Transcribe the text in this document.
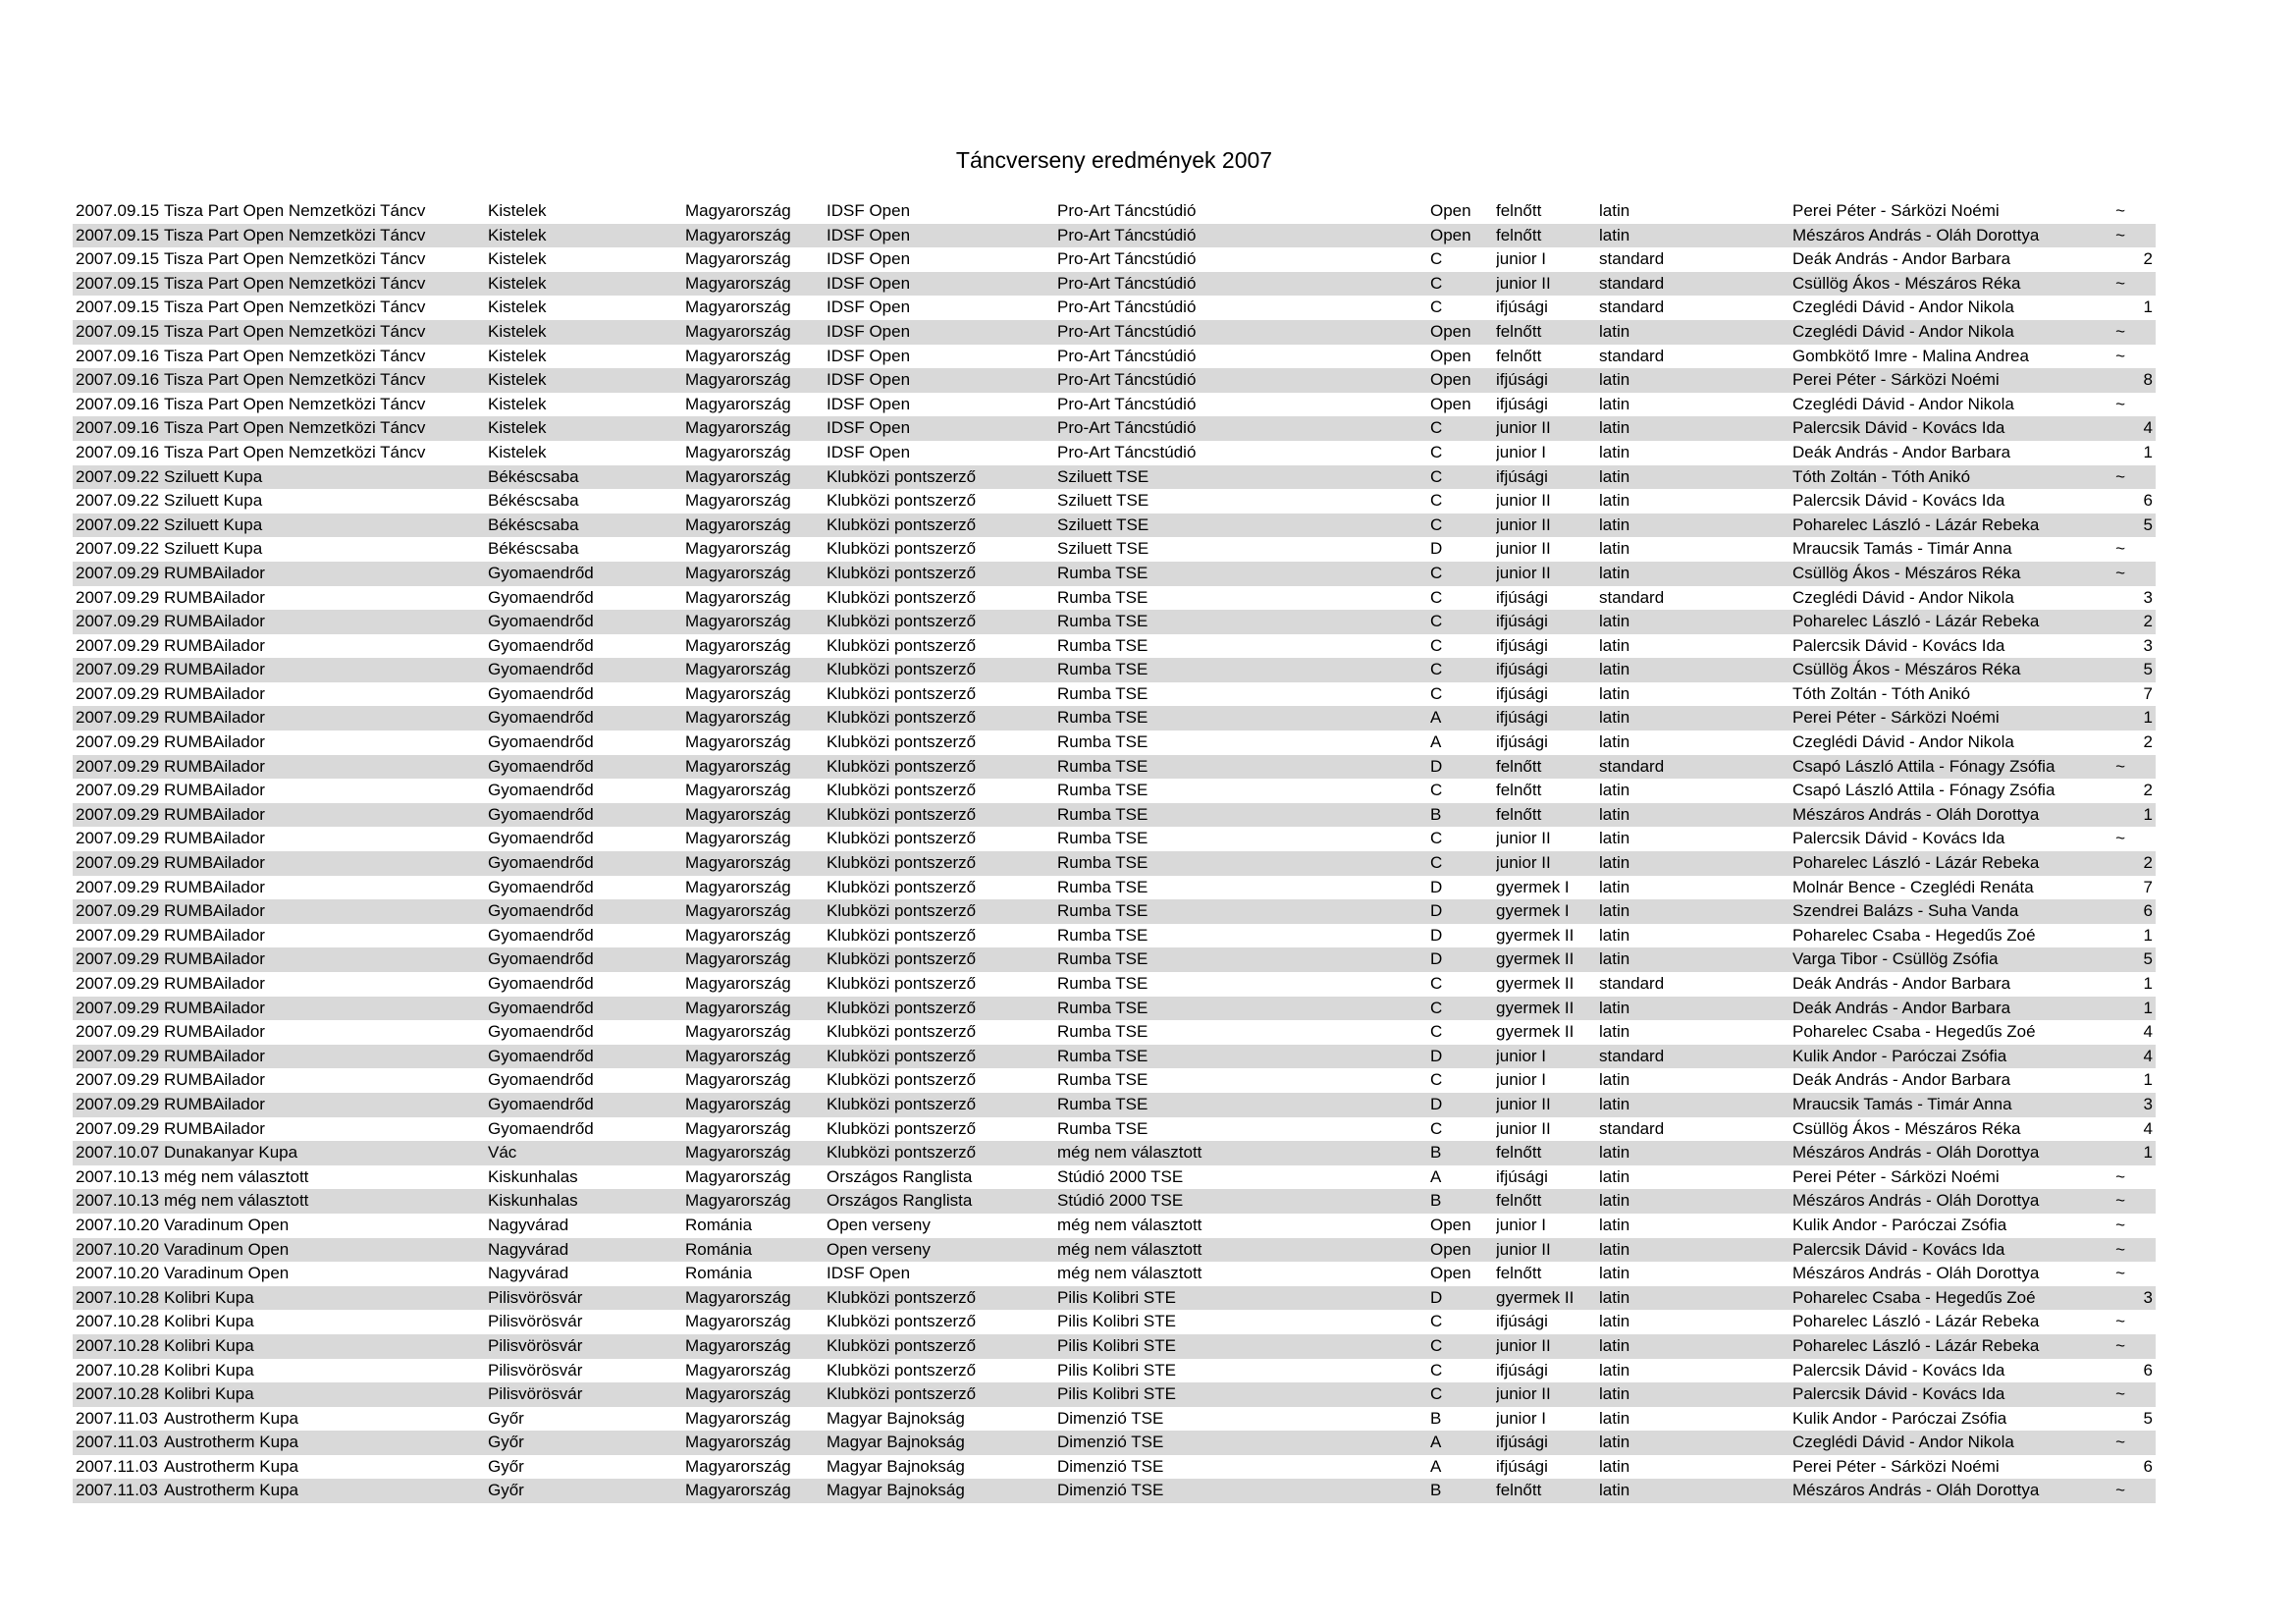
Táncverseny eredmények 2007
2007.09.15 Tisza Part Open Nemzetközi Táncv	Kistelek	Magyarország	IDSF Open	Pro-Art Táncstúdió	Open	felnőtt	latin	Perei Péter - Sárközi Noémi	~
2007.09.15 Tisza Part Open Nemzetközi Táncv	Kistelek	Magyarország	IDSF Open	Pro-Art Táncstúdió	Open	felnőtt	latin	Mészáros András - Oláh Dorottya	~
2007.09.15 Tisza Part Open Nemzetközi Táncv	Kistelek	Magyarország	IDSF Open	Pro-Art Táncstúdió	C	junior I	standard	Deák András - Andor Barbara	2
2007.09.15 Tisza Part Open Nemzetközi Táncv	Kistelek	Magyarország	IDSF Open	Pro-Art Táncstúdió	C	junior II	standard	Csüllög Ákos - Mészáros Réka	~
2007.09.15 Tisza Part Open Nemzetközi Táncv	Kistelek	Magyarország	IDSF Open	Pro-Art Táncstúdió	C	ifjúsági	standard	Czeglédi Dávid - Andor Nikola	1
2007.09.15 Tisza Part Open Nemzetközi Táncv	Kistelek	Magyarország	IDSF Open	Pro-Art Táncstúdió	Open	felnőtt	latin	Czeglédi Dávid - Andor Nikola	~
2007.09.16 Tisza Part Open Nemzetközi Táncv	Kistelek	Magyarország	IDSF Open	Pro-Art Táncstúdió	Open	felnőtt	standard	Gombkötő Imre - Malina Andrea	~
2007.09.16 Tisza Part Open Nemzetközi Táncv	Kistelek	Magyarország	IDSF Open	Pro-Art Táncstúdió	Open	ifjúsági	latin	Perei Péter - Sárközi Noémi	8
2007.09.16 Tisza Part Open Nemzetközi Táncv	Kistelek	Magyarország	IDSF Open	Pro-Art Táncstúdió	Open	ifjúsági	latin	Czeglédi Dávid - Andor Nikola	~
2007.09.16 Tisza Part Open Nemzetközi Táncv	Kistelek	Magyarország	IDSF Open	Pro-Art Táncstúdió	C	junior II	latin	Palercsik Dávid - Kovács Ida	4
2007.09.16 Tisza Part Open Nemzetközi Táncv	Kistelek	Magyarország	IDSF Open	Pro-Art Táncstúdió	C	junior I	latin	Deák András - Andor Barbara	1
2007.09.22 Sziluett Kupa	Békéscsaba	Magyarország	Klubközi pontszerző	Sziluett TSE	C	ifjúsági	latin	Tóth Zoltán - Tóth Anikó	~
2007.09.22 Sziluett Kupa	Békéscsaba	Magyarország	Klubközi pontszerző	Sziluett TSE	C	junior II	latin	Palercsik Dávid - Kovács Ida	6
2007.09.22 Sziluett Kupa	Békéscsaba	Magyarország	Klubközi pontszerző	Sziluett TSE	C	junior II	latin	Poharelec László - Lázár Rebeka	5
2007.09.22 Sziluett Kupa	Békéscsaba	Magyarország	Klubközi pontszerző	Sziluett TSE	D	junior II	latin	Mraucsik Tamás - Timár Anna	~
2007.09.29 RUMBAilador	Gyomaendrőd	Magyarország	Klubközi pontszerző	Rumba TSE	C	junior II	latin	Csüllög Ákos - Mészáros Réka	~
2007.09.29 RUMBAilador	Gyomaendrőd	Magyarország	Klubközi pontszerző	Rumba TSE	C	ifjúsági	standard	Czeglédi Dávid - Andor Nikola	3
2007.09.29 RUMBAilador	Gyomaendrőd	Magyarország	Klubközi pontszerző	Rumba TSE	C	ifjúsági	latin	Poharelec László - Lázár Rebeka	2
2007.09.29 RUMBAilador	Gyomaendrőd	Magyarország	Klubközi pontszerző	Rumba TSE	C	ifjúsági	latin	Palercsik Dávid - Kovács Ida	3
2007.09.29 RUMBAilador	Gyomaendrőd	Magyarország	Klubközi pontszerző	Rumba TSE	C	ifjúsági	latin	Csüllög Ákos - Mészáros Réka	5
2007.09.29 RUMBAilador	Gyomaendrőd	Magyarország	Klubközi pontszerző	Rumba TSE	C	ifjúsági	latin	Tóth Zoltán - Tóth Anikó	7
2007.09.29 RUMBAilador	Gyomaendrőd	Magyarország	Klubközi pontszerző	Rumba TSE	A	ifjúsági	latin	Perei Péter - Sárközi Noémi	1
2007.09.29 RUMBAilador	Gyomaendrőd	Magyarország	Klubközi pontszerző	Rumba TSE	A	ifjúsági	latin	Czeglédi Dávid - Andor Nikola	2
2007.09.29 RUMBAilador	Gyomaendrőd	Magyarország	Klubközi pontszerző	Rumba TSE	D	felnőtt	standard	Csapó László Attila - Fónagy Zsófia	~
2007.09.29 RUMBAilador	Gyomaendrőd	Magyarország	Klubközi pontszerző	Rumba TSE	C	felnőtt	latin	Csapó László Attila - Fónagy Zsófia	2
2007.09.29 RUMBAilador	Gyomaendrőd	Magyarország	Klubközi pontszerző	Rumba TSE	B	felnőtt	latin	Mészáros András - Oláh Dorottya	1
2007.09.29 RUMBAilador	Gyomaendrőd	Magyarország	Klubközi pontszerző	Rumba TSE	C	junior II	latin	Palercsik Dávid - Kovács Ida	~
2007.09.29 RUMBAilador	Gyomaendrőd	Magyarország	Klubközi pontszerző	Rumba TSE	C	junior II	latin	Poharelec László - Lázár Rebeka	2
2007.09.29 RUMBAilador	Gyomaendrőd	Magyarország	Klubközi pontszerző	Rumba TSE	D	gyermek I	latin	Molnár Bence - Czeglédi Renáta	7
2007.09.29 RUMBAilador	Gyomaendrőd	Magyarország	Klubközi pontszerző	Rumba TSE	D	gyermek I	latin	Szendrei Balázs - Suha Vanda	6
2007.09.29 RUMBAilador	Gyomaendrőd	Magyarország	Klubközi pontszerző	Rumba TSE	D	gyermek II	latin	Poharelec Csaba - Hegedűs Zoé	1
2007.09.29 RUMBAilador	Gyomaendrőd	Magyarország	Klubközi pontszerző	Rumba TSE	D	gyermek II	latin	Varga Tibor - Csüllög Zsófia	5
2007.09.29 RUMBAilador	Gyomaendrőd	Magyarország	Klubközi pontszerző	Rumba TSE	C	gyermek II	standard	Deák András - Andor Barbara	1
2007.09.29 RUMBAilador	Gyomaendrőd	Magyarország	Klubközi pontszerző	Rumba TSE	C	gyermek II	latin	Deák András - Andor Barbara	1
2007.09.29 RUMBAilador	Gyomaendrőd	Magyarország	Klubközi pontszerző	Rumba TSE	C	gyermek II	latin	Poharelec Csaba - Hegedűs Zoé	4
2007.09.29 RUMBAilador	Gyomaendrőd	Magyarország	Klubközi pontszerző	Rumba TSE	D	junior I	standard	Kulik Andor - Paróczai Zsófia	4
2007.09.29 RUMBAilador	Gyomaendrőd	Magyarország	Klubközi pontszerző	Rumba TSE	C	junior I	latin	Deák András - Andor Barbara	1
2007.09.29 RUMBAilador	Gyomaendrőd	Magyarország	Klubközi pontszerző	Rumba TSE	D	junior II	latin	Mraucsik Tamás - Timár Anna	3
2007.09.29 RUMBAilador	Gyomaendrőd	Magyarország	Klubközi pontszerző	Rumba TSE	C	junior II	standard	Csüllög Ákos - Mészáros Réka	4
2007.10.07 Dunakanyar Kupa	Vác	Magyarország	Klubközi pontszerző	még nem választott	B	felnőtt	latin	Mészáros András - Oláh Dorottya	1
2007.10.13 még nem választott	Kiskunhalas	Magyarország	Országos Ranglista	Stúdió 2000 TSE	A	ifjúsági	latin	Perei Péter - Sárközi Noémi	~
2007.10.13 még nem választott	Kiskunhalas	Magyarország	Országos Ranglista	Stúdió 2000 TSE	B	felnőtt	latin	Mészáros András - Oláh Dorottya	~
2007.10.20 Varadinum Open	Nagyvárad	Románia	Open verseny	még nem választott	Open	junior I	latin	Kulik Andor - Paróczai Zsófia	~
2007.10.20 Varadinum Open	Nagyvárad	Románia	Open verseny	még nem választott	Open	junior II	latin	Palercsik Dávid - Kovács Ida	~
2007.10.20 Varadinum Open	Nagyvárad	Románia	IDSF Open	még nem választott	Open	felnőtt	latin	Mészáros András - Oláh Dorottya	~
2007.10.28 Kolibri Kupa	Pilisvörösvár	Magyarország	Klubközi pontszerző	Pilis Kolibri STE	D	gyermek II	latin	Poharelec Csaba - Hegedűs Zoé	3
2007.10.28 Kolibri Kupa	Pilisvörösvár	Magyarország	Klubközi pontszerző	Pilis Kolibri STE	C	ifjúsági	latin	Poharelec László - Lázár Rebeka	~
2007.10.28 Kolibri Kupa	Pilisvörösvár	Magyarország	Klubközi pontszerző	Pilis Kolibri STE	C	junior II	latin	Poharelec László - Lázár Rebeka	~
2007.10.28 Kolibri Kupa	Pilisvörösvár	Magyarország	Klubközi pontszerző	Pilis Kolibri STE	C	ifjúsági	latin	Palercsik Dávid - Kovács Ida	6
2007.10.28 Kolibri Kupa	Pilisvörösvár	Magyarország	Klubközi pontszerző	Pilis Kolibri STE	C	junior II	latin	Palercsik Dávid - Kovács Ida	~
2007.11.03 Austrotherm Kupa	Győr	Magyarország	Magyar Bajnokság	Dimenzió TSE	B	junior I	latin	Kulik Andor - Paróczai Zsófia	5
2007.11.03 Austrotherm Kupa	Győr	Magyarország	Magyar Bajnokság	Dimenzió TSE	A	ifjúsági	latin	Czeglédi Dávid - Andor Nikola	~
2007.11.03 Austrotherm Kupa	Győr	Magyarország	Magyar Bajnokság	Dimenzió TSE	A	ifjúsági	latin	Perei Péter - Sárközi Noémi	6
2007.11.03 Austrotherm Kupa	Győr	Magyarország	Magyar Bajnokság	Dimenzió TSE	B	felnőtt	latin	Mészáros András - Oláh Dorottya	~
